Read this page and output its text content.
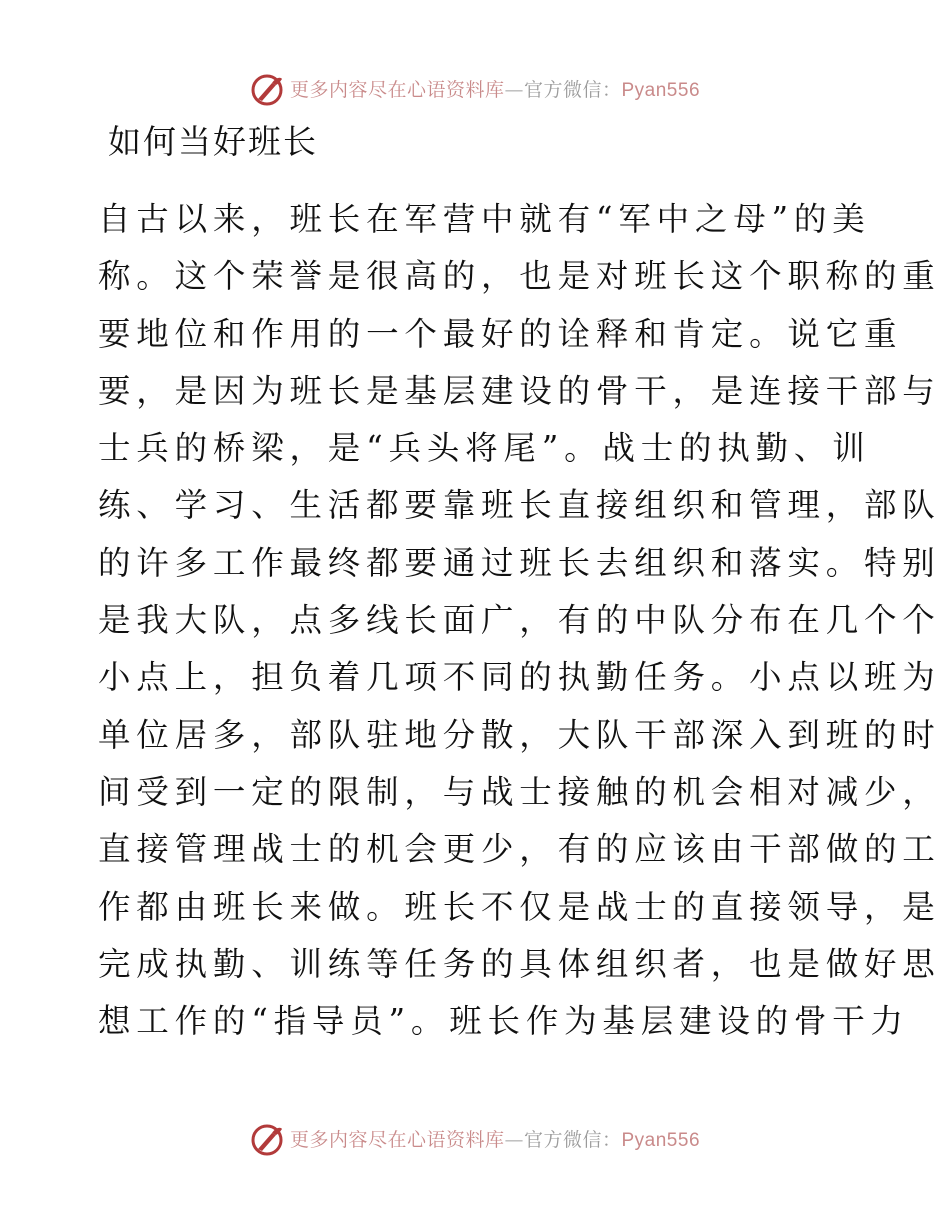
更多内容尽在心语资料库—官方微信：Pyan556
如何当好班长
自古以来，班长在军营中就有“军中之母”的美
称。这个荣誉是很高的，也是对班长这个职称的重
要地位和作用的一个最好的诠释和肯定。说它重
要，是因为班长是基层建设的骨干，是连接干部与
士兵的桥梁，是“兵头将尾”。战士的执勤、训
练、学习、生活都要靠班长直接组织和管理，部队
的许多工作最终都要通过班长去组织和落实。特别
是我大队，点多线长面广，有的中队分布在几个个
小点上，担负着几项不同的执勤任务。小点以班为
单位居多，部队驻地分散，大队干部深入到班的时
间受到一定的限制，与战士接触的机会相对减少，
直接管理战士的机会更少，有的应该由干部做的工
作都由班长来做。班长不仅是战士的直接领导，是
完成执勤、训练等任务的具体组织者，也是做好思
想工作的“指导员”。班长作为基层建设的骨干力
更多内容尽在心语资料库—官方微信：Pyan556
